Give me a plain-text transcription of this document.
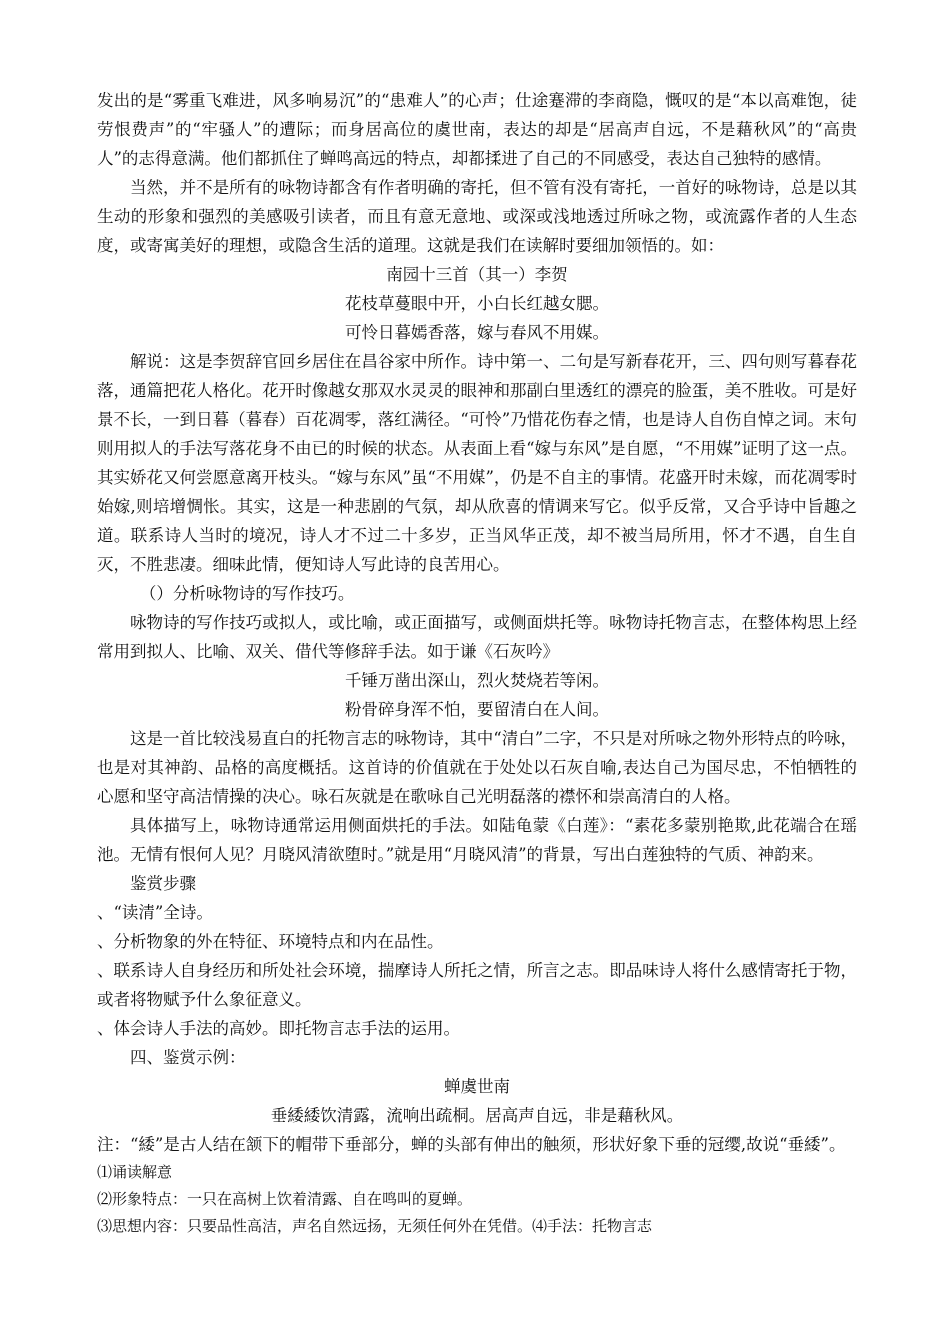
发出的是“雾重飞难进，风多响易沉”的“患难人”的心声；仕途蹇滞的李商隐，慨叹的是“本以高难饱，徒劳恨费声”的“牢骚人”的遭际；而身居高位的虞世南，表达的却是“居高声自远，不是藉秋风”的“高贵人”的志得意满。他们都抓住了蝉鸣高远的特点，却都揉进了自己的不同感受，表达自己独特的感情。

当然，并不是所有的咏物诗都含有作者明确的寄托，但不管有没有寄托，一首好的咏物诗，总是以其生动的形象和强烈的美感吸引读者，而且有意无意地、或深或浅地透过所咏之物，或流露作者的人生态度，或寄寓美好的理想，或隐含生活的道理。这就是我们在读解时要细加领悟的。如：

南园十三首（其一）李贺

花枝草蔓眼中开，小白长红越女腮。

可怜日暮嫣香落，嫁与春风不用媒。

解说：这是李贺辞官回乡居住在昌谷家中所作。诗中第一、二句是写新春花开，三、四句则写暮春花落，通篇把花人格化。花开时像越女那双水灵灵的眼神和那副白里透红的漂亮的脸蛋，美不胜收。可是好景不长，一到日暮（暮春）百花凋零，落红满径。“可怜”乃惜花伤春之情，也是诗人自伤自悼之词。末句则用拟人的手法写落花身不由已的时候的状态。从表面上看“嫁与东风”是自愿，“不用媒”证明了这一点。其实娇花又何尝愿意离开枝头。“嫁与东风”虽“不用媒”，仍是不自主的事情。花盛开时未嫁，而花凋零时始嫁,则培增惆怅。其实，这是一种悲剧的气氛，却从欣喜的情调来写它。似乎反常，又合乎诗中旨趣之道。联系诗人当时的境况，诗人才不过二十多岁，正当风华正茂，却不被当局所用，怀才不遇，自生自灭，不胜悲凄。细味此情，便知诗人写此诗的良苦用心。

（）分析咏物诗的写作技巧。

咏物诗的写作技巧或拟人，或比喻，或正面描写，或侧面烘托等。咏物诗托物言志，在整体构思上经常用到拟人、比喻、双关、借代等修辞手法。如于谦《石灰吟》

千锤万凿出深山，烈火焚烧若等闲。

粉骨碎身浑不怕，要留清白在人间。

这是一首比较浅易直白的托物言志的咏物诗，其中“清白”二字，不只是对所咏之物外形特点的吟咏，也是对其神韵、品格的高度概括。这首诗的价值就在于处处以石灰自喻,表达自己为国尽忠，不怕牺牲的心愿和坚守高洁情操的决心。咏石灰就是在歌咏自己光明磊落的襟怀和崇高清白的人格。

具体描写上，咏物诗通常运用侧面烘托的手法。如陆龟蒙《白莲》：“素花多蒙别艳欺,此花端合在瑶池。无情有恨何人见？月晓风清欲堕时。”就是用“月晓风清”的背景，写出白莲独特的气质、神韵来。

鉴赏步骤

、“读清”全诗。

、分析物象的外在特征、环境特点和内在品性。

、联系诗人自身经历和所处社会环境，揣摩诗人所托之情，所言之志。即品味诗人将什么感情寄托于物，或者将物赋予什么象征意义。

、体会诗人手法的高妙。即托物言志手法的运用。

四、鉴赏示例：

蝉虞世南

垂緌緌饮清露，流响出疏桐。居高声自远，非是藉秋风。

注：“緌”是古人结在颔下的帽带下垂部分，蝉的头部有伸出的触须，形状好象下垂的冠缨,故说“垂緌”。

⑴诵读解意

⑵形象特点：一只在高树上饮着清露、自在鸣叫的夏蝉。

⑶思想内容：只要品性高洁，声名自然远扬，无须任何外在凭借。⑷手法：托物言志
